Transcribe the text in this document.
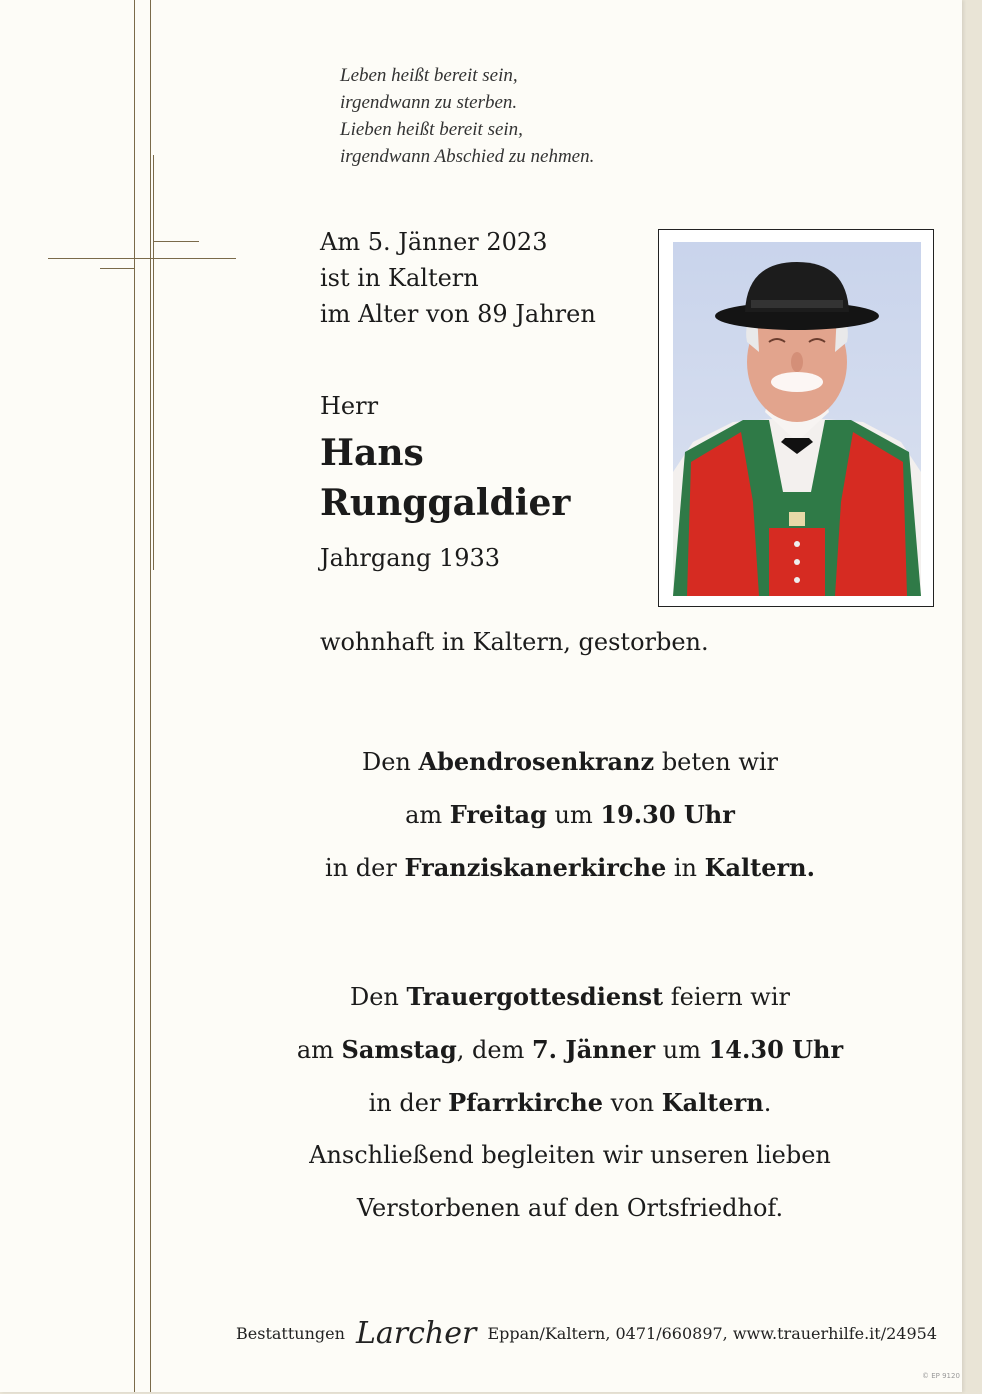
Leben heißt bereit sein,
irgendwann zu sterben.
Lieben heißt bereit sein,
irgendwann Abschied zu nehmen.
Am 5. Jänner 2023
ist in Kaltern
im Alter von 89 Jahren
Herr
Hans
Runggaldier
Jahrgang 1933
wohnhaft in Kaltern, gestorben.
Den Abendrosenkranz beten wir
am Freitag um 19.30 Uhr
in der Franziskanerkirche in Kaltern.
Den Trauergottesdienst feiern wir
am Samstag, dem 7. Jänner um 14.30 Uhr
in der Pfarrkirche von Kaltern.
Anschließend begleiten wir unseren lieben
Verstorbenen auf den Ortsfriedhof.
Bestattungen Larcher Eppan/Kaltern, 0471/660897, www.trauerhilfe.it/24954
© EP 9120
